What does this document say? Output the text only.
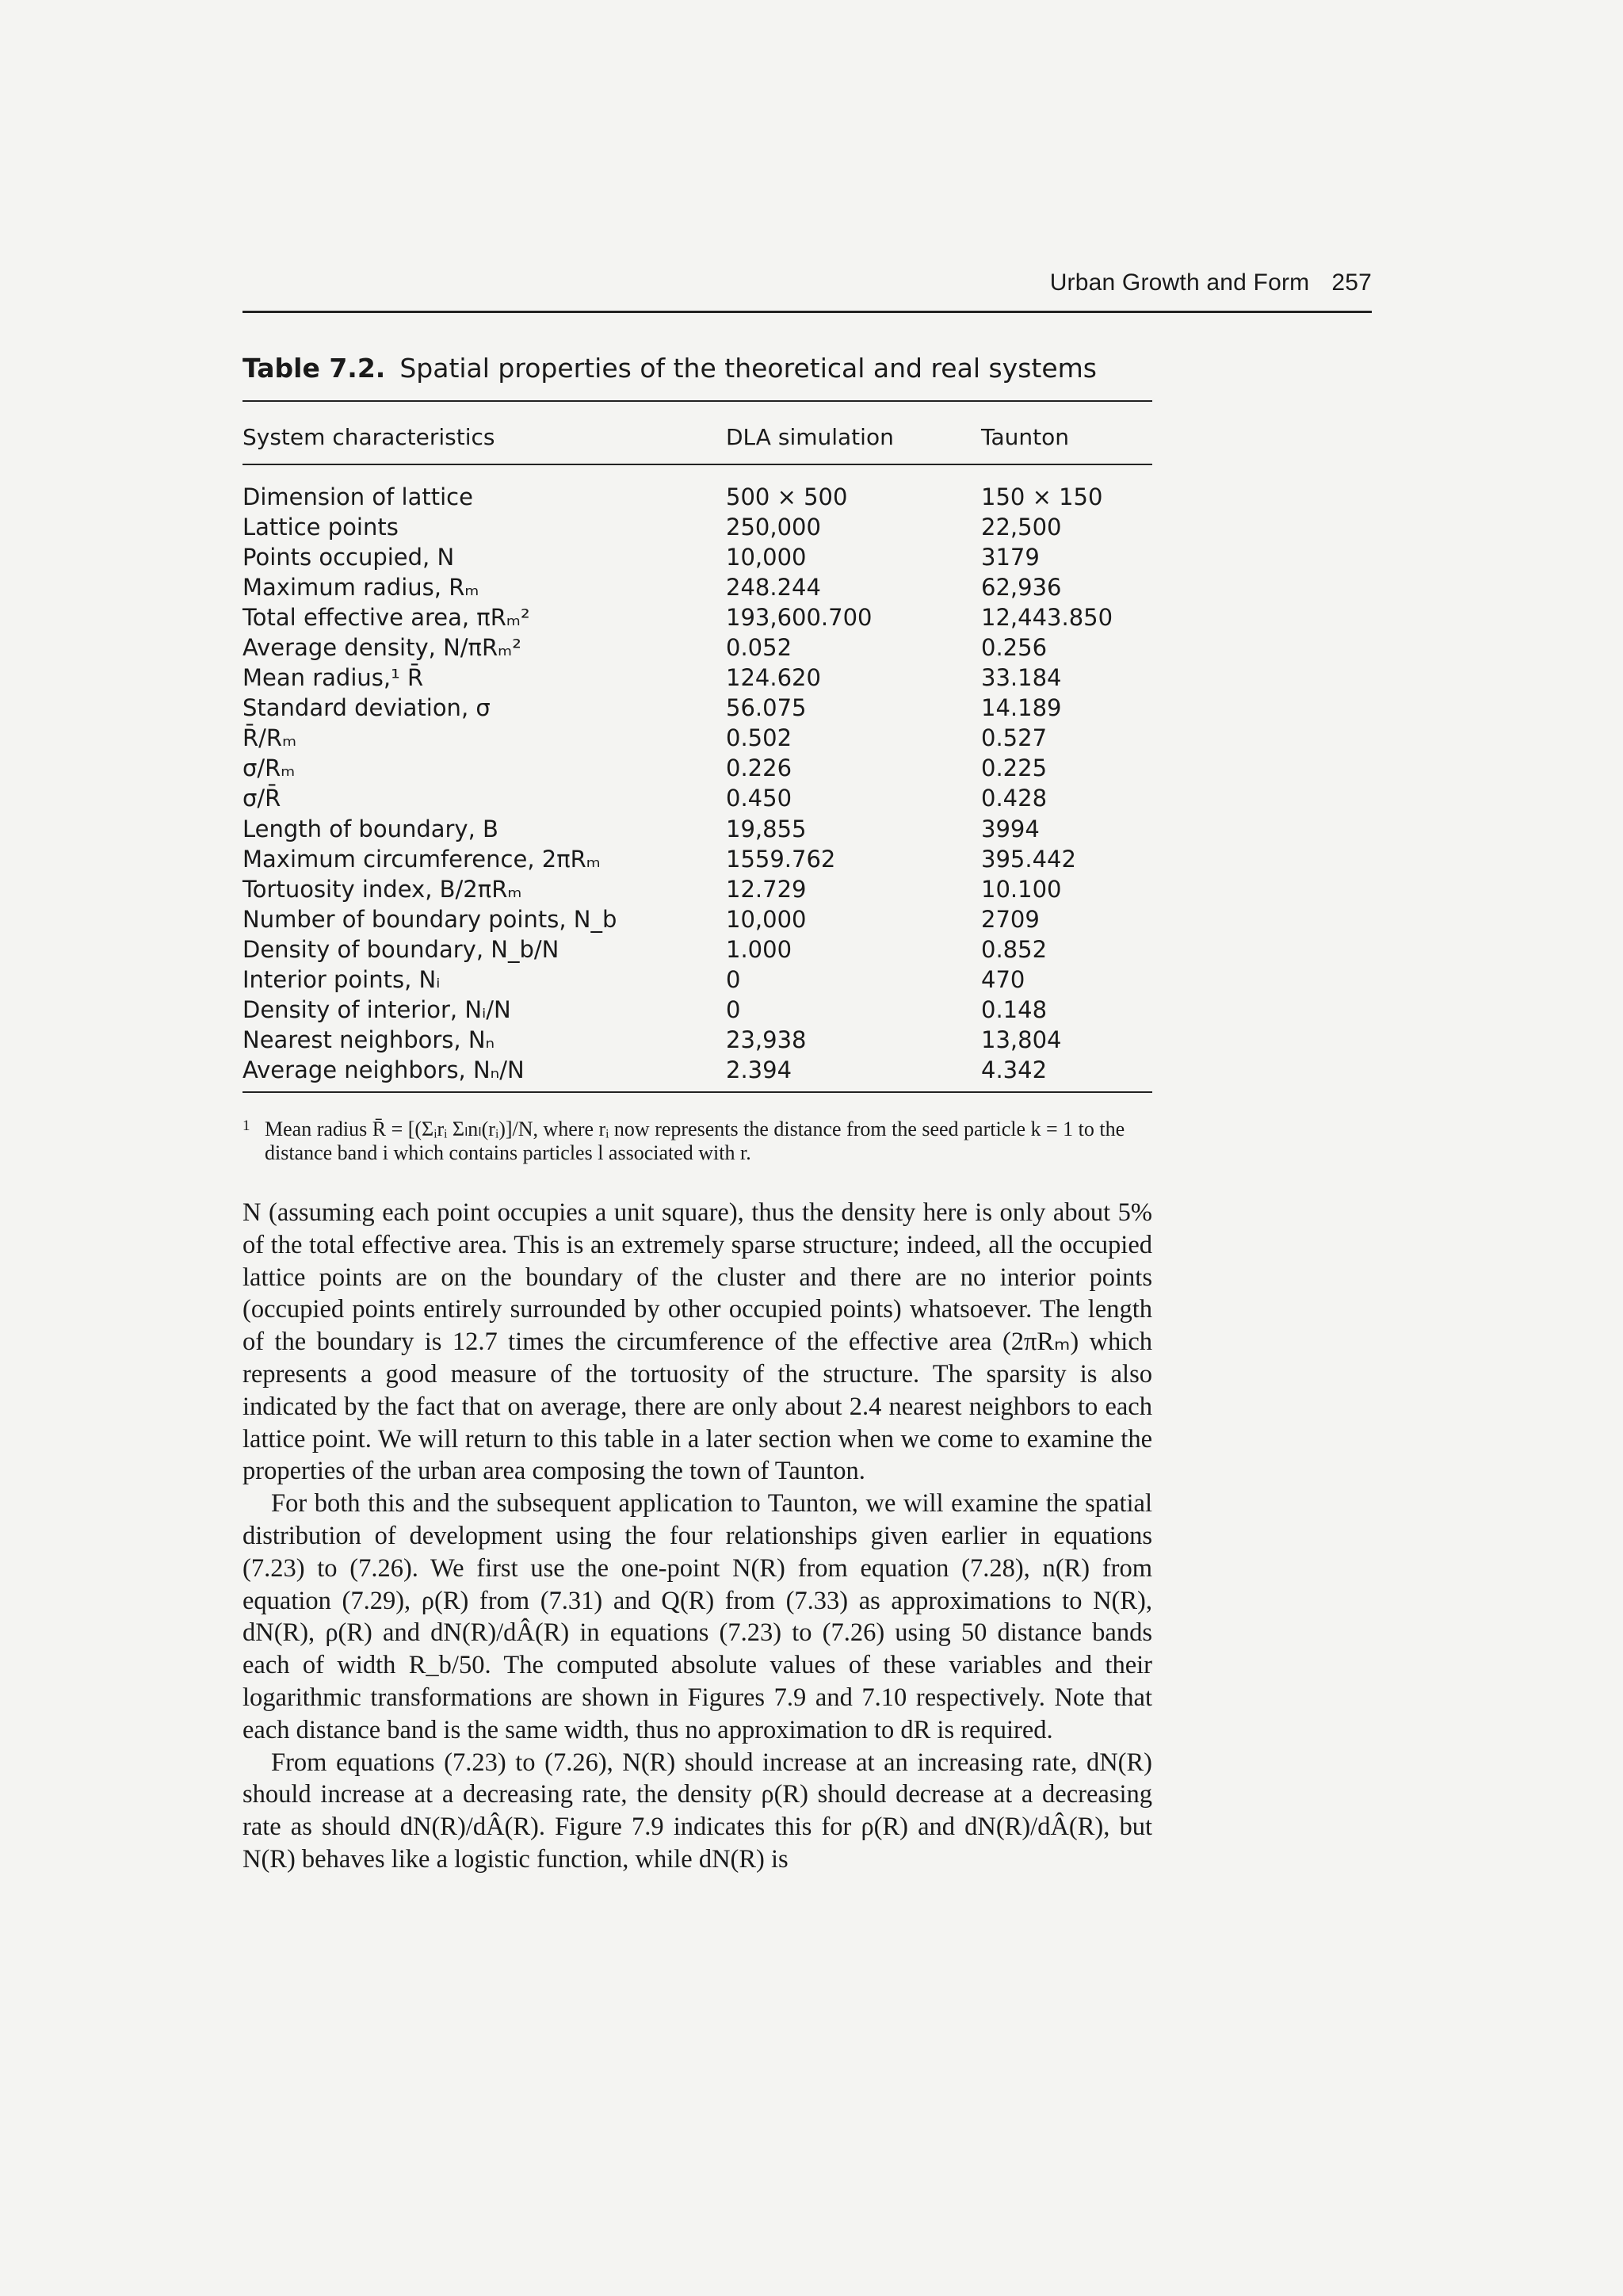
Urban Growth and Form 257
Table 7.2. Spatial properties of the theoretical and real systems
System characteristics	DLA simulation	Taunton
Dimension of lattice	500 × 500	150 × 150
Lattice points	250,000	22,500
Points occupied, N	10,000	3179
Maximum radius, Rₘ	248.244	62,936
Total effective area, πRₘ²	193,600.700	12,443.850
Average density, N/πRₘ²	0.052	0.256
Mean radius,¹ R̄	124.620	33.184
Standard deviation, σ	56.075	14.189
R̄/Rₘ	0.502	0.527
σ/Rₘ	0.226	0.225
σ/R̄	0.450	0.428
Length of boundary, B	19,855	3994
Maximum circumference, 2πRₘ	1559.762	395.442
Tortuosity index, B/2πRₘ	12.729	10.100
Number of boundary points, N_b	10,000	2709
Density of boundary, N_b/N	1.000	0.852
Interior points, Nᵢ	0	470
Density of interior, Nᵢ/N	0	0.148
Nearest neighbors, Nₙ	23,938	13,804
Average neighbors, Nₙ/N	2.394	4.342
1 Mean radius R̄ = [(Σᵢrᵢ Σₗnₗ(rᵢ)]/N, where rᵢ now represents the distance from the seed particle k = 1 to the distance band i which contains particles l associated with r.

N (assuming each point occupies a unit square), thus the density here is only about 5% of the total effective area. This is an extremely sparse structure; indeed, all the occupied lattice points are on the boundary of the cluster and there are no interior points (occupied points entirely surrounded by other occupied points) whatsoever. The length of the boundary is 12.7 times the circumference of the effective area (2πRₘ) which represents a good measure of the tortuosity of the structure. The sparsity is also indicated by the fact that on average, there are only about 2.4 nearest neighbors to each lattice point. We will return to this table in a later section when we come to examine the properties of the urban area composing the town of Taunton.

For both this and the subsequent application to Taunton, we will examine the spatial distribution of development using the four relationships given earlier in equations (7.23) to (7.26). We first use the one-point N(R) from equation (7.28), n(R) from equation (7.29), ρ(R) from (7.31) and Q(R) from (7.33) as approximations to N(R), dN(R), ρ(R) and dN(R)/dÂ(R) in equations (7.23) to (7.26) using 50 distance bands each of width R_b/50. The computed absolute values of these variables and their logarithmic transformations are shown in Figures 7.9 and 7.10 respectively. Note that each distance band is the same width, thus no approximation to dR is required.

From equations (7.23) to (7.26), N(R) should increase at an increasing rate, dN(R) should increase at a decreasing rate, the density ρ(R) should decrease at a decreasing rate as should dN(R)/dÂ(R). Figure 7.9 indicates this for ρ(R) and dN(R)/dÂ(R), but N(R) behaves like a logistic function, while dN(R) is
